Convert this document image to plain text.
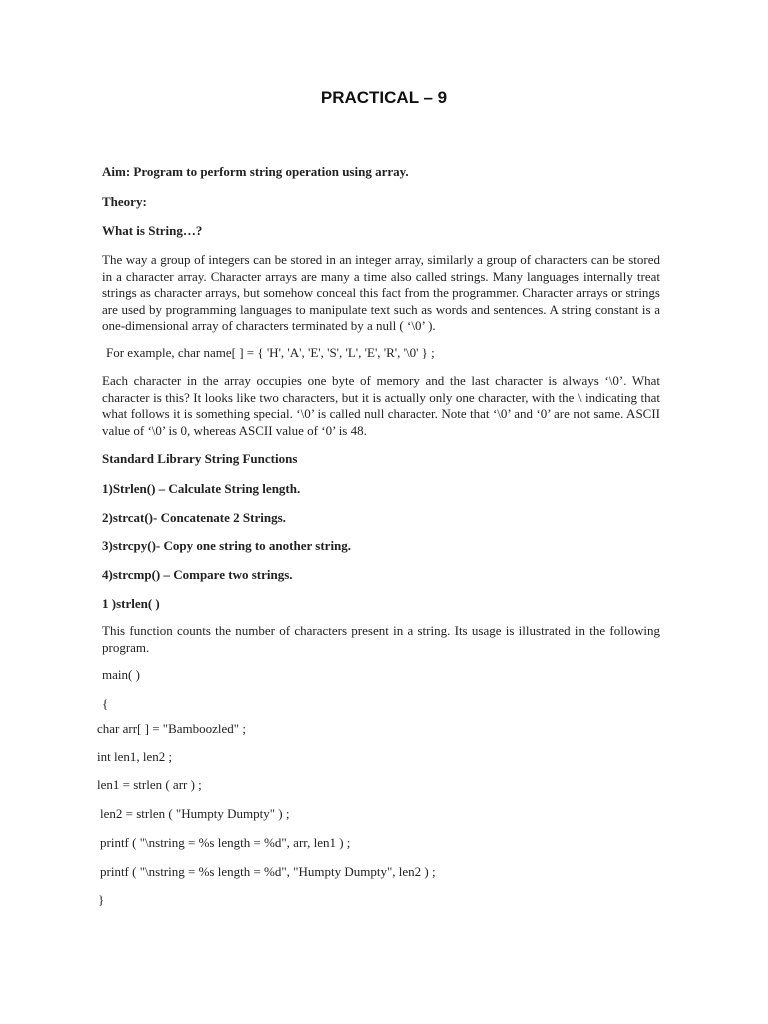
PRACTICAL – 9
Aim: Program to perform string operation using array.
Theory:
What is String…?
The way a group of integers can be stored in an integer array, similarly a group of characters can be stored in a character array. Character arrays are many a time also called strings. Many languages internally treat strings as character arrays, but somehow conceal this fact from the programmer. Character arrays or strings are used by programming languages to manipulate text such as words and sentences. A string constant is a one-dimensional array of characters terminated by a null ( ‘\0’ ).
For example, char name[ ] = { 'H', 'A', 'E', 'S', 'L', 'E', 'R', '\0' } ;
Each character in the array occupies one byte of memory and the last character is always ‘\0’. What character is this? It looks like two characters, but it is actually only one character, with the \ indicating that what follows it is something special. ‘\0’ is called null character. Note that ‘\0’ and ‘0’ are not same. ASCII value of ‘\0’ is 0, whereas ASCII value of ‘0’ is 48.
Standard Library String Functions
1)Strlen() – Calculate String length.
2)strcat()- Concatenate 2 Strings.
3)strcpy()- Copy one string to another string.
4)strcmp() – Compare two strings.
1 )strlen( )
This function counts the number of characters present in a string. Its usage is illustrated in the following program.
main( )
{
char arr[ ] = "Bamboozled" ;
int len1, len2 ;
len1 = strlen ( arr ) ;
len2 = strlen ( "Humpty Dumpty" ) ;
printf ( "\nstring = %s length = %d", arr, len1 ) ;
printf ( "\nstring = %s length = %d", "Humpty Dumpty", len2 ) ;
}
